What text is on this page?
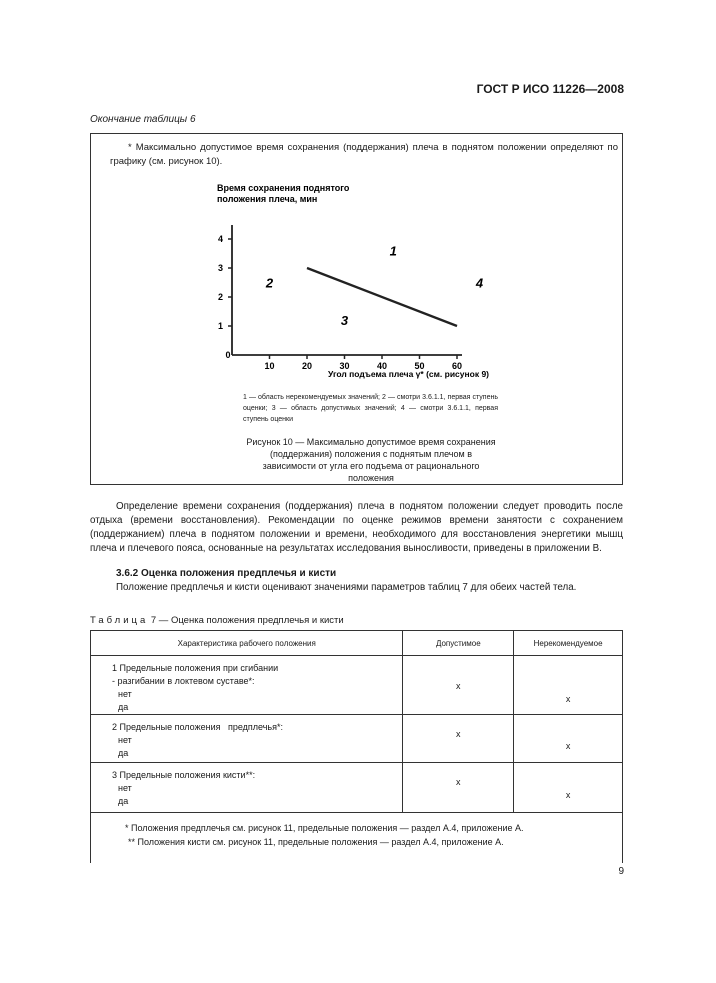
ГОСТ Р ИСО 11226—2008
Окончание таблицы 6
* Максимально допустимое время сохранения (поддержания) плеча в поднятом положении определяют по графику (см. рисунок 10).
Время сохранения поднятого
положения плеча, мин
1
2
3
4
10	20	30	40	50	60
0
1
2
3
4
Угол подъема плеча γ* (см. рисунок 9)
1 — область нерекомендуемых значений; 2 — смотри 3.6.1.1, первая ступень оценки; 3 — область допустимых значений; 4 — смотри 3.6.1.1, первая ступень оценки
Рисунок 10 — Максимально допустимое время сохранения (поддержания) положения с поднятым плечом в зависимости от угла его подъема от рационального положения
Определение времени сохранения (поддержания) плеча в поднятом положении следует проводить после отдыха (времени восстановления). Рекомендации по оценке режимов времени занятости с сохранением (поддержанием) плеча в поднятом положении и времени, необходимого для восстановления энергетики мышц плеча и плечевого пояса, основанные на результатах исследования выносливости, приведены в приложении В.
3.6.2 Оценка положения предплечья и кисти
Положение предплечья и кисти оценивают значениями параметров таблиц 7 для обеих частей тела.
Таблица 7 — Оценка положения предплечья и кисти
Характеристика рабочего положения	Допустимое	Нерекомендуемое

1 Предельные положения при сгибании
- разгибании в локтевом суставе*:
нет
да	x	x

2 Предельные положения   предплечья*:
нет
да	x	x

3 Предельные положения кисти**:
нет
да	x	x

* Положения предплечья см. рисунок 11, предельные положения — раздел А.4, приложение А.
** Положения кисти см. рисунок 11, предельные положения — раздел А.4, приложение А.		
9
